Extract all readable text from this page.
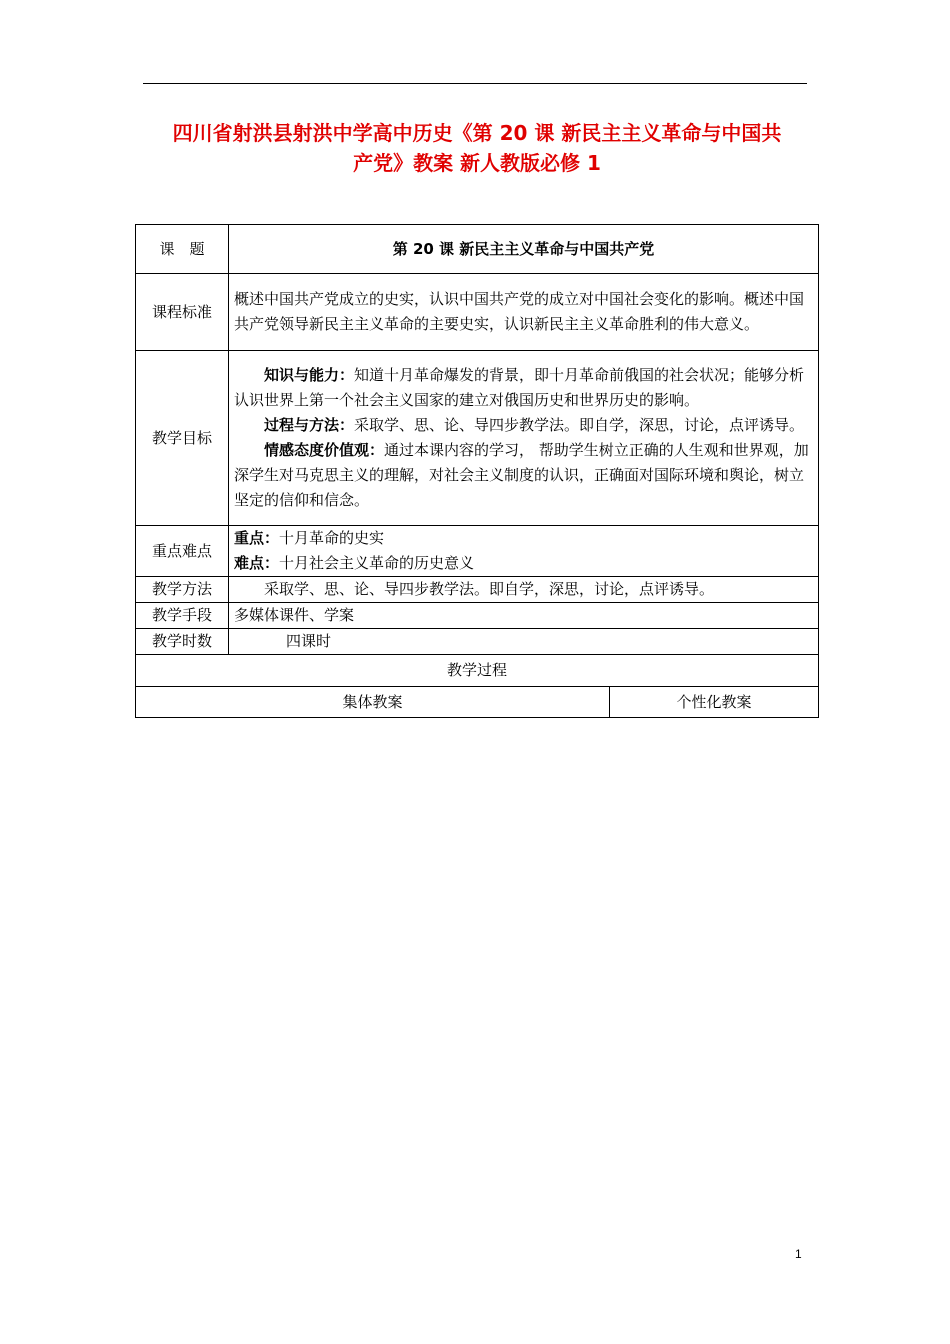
四川省射洪县射洪中学高中历史《第 20 课 新民主主义革命与中国共
产党》教案 新人教版必修 1
课　题	第 20 课 新民主主义革命与中国共产党	
课程标准	概述中国共产党成立的史实，认识中国共产党的成立对中国社会变化的影响。概述中国共产党领导新民主主义革命的主要史实，认识新民主主义革命胜利的伟大意义。	
教学目标	知识与能力：知道十月革命爆发的背景，即十月革命前俄国的社会状况；能够分析认识世界上第一个社会主义国家的建立对俄国历史和世界历史的影响。

过程与方法：采取学、思、论、导四步教学法。即自学，深思，讨论，点评诱导。

情感态度价值观：通过本课内容的学习， 帮助学生树立正确的人生观和世界观，加深学生对马克思主义的理解，对社会主义制度的认识，正确面对国际环境和舆论，树立坚定的信仰和信念。	

重点难点	重点：十月革命的史实

难点：十月社会主义革命的历史意义	

教学方法	采取学、思、论、导四步教学法。即自学，深思，讨论，点评诱导。	
教学手段	多媒体课件、学案	
教学时数	四课时	
教学过程		
集体教案		个性化教案
1
